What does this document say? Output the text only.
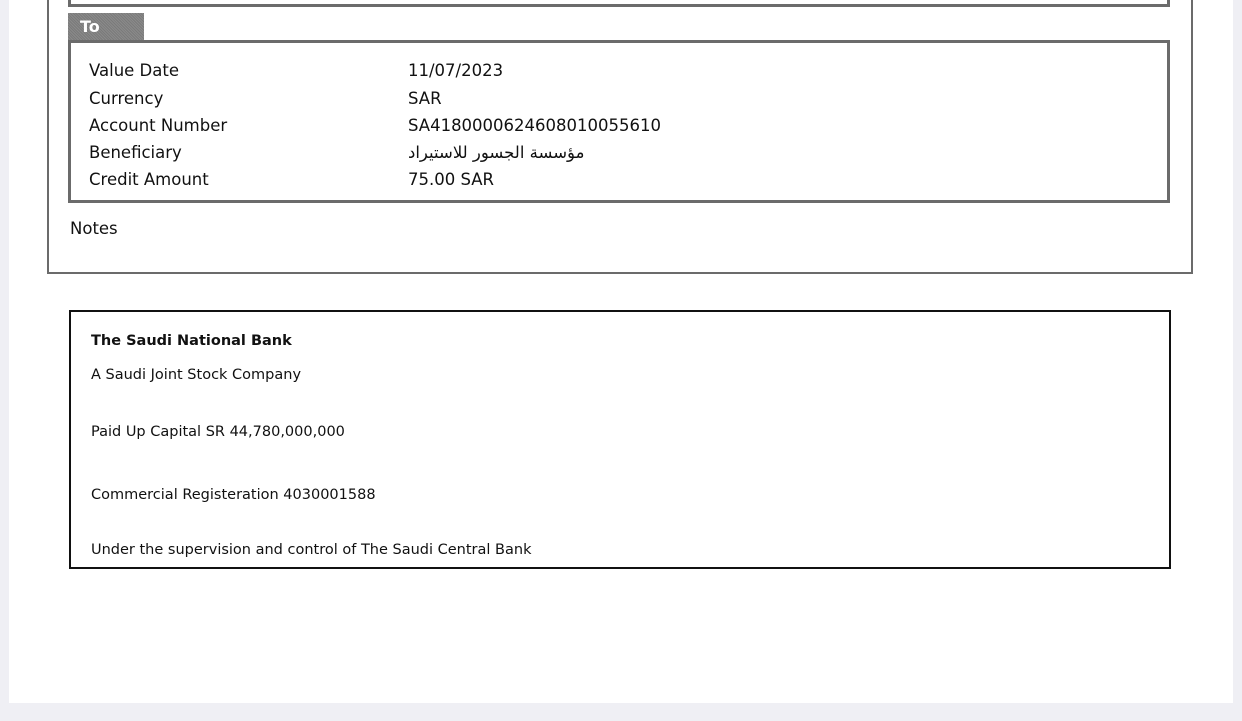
To
Value Date	11/07/2023
Currency	SAR
Account Number	SA4180000624608010055610
Beneficiary	مؤسسة الجسور للاستيراد
Credit Amount	75.00 SAR
Notes
The Saudi National Bank
A Saudi Joint Stock Company
Paid Up Capital SR 44,780,000,000
Commercial Registeration 4030001588
Under the supervision and control of The Saudi Central Bank
